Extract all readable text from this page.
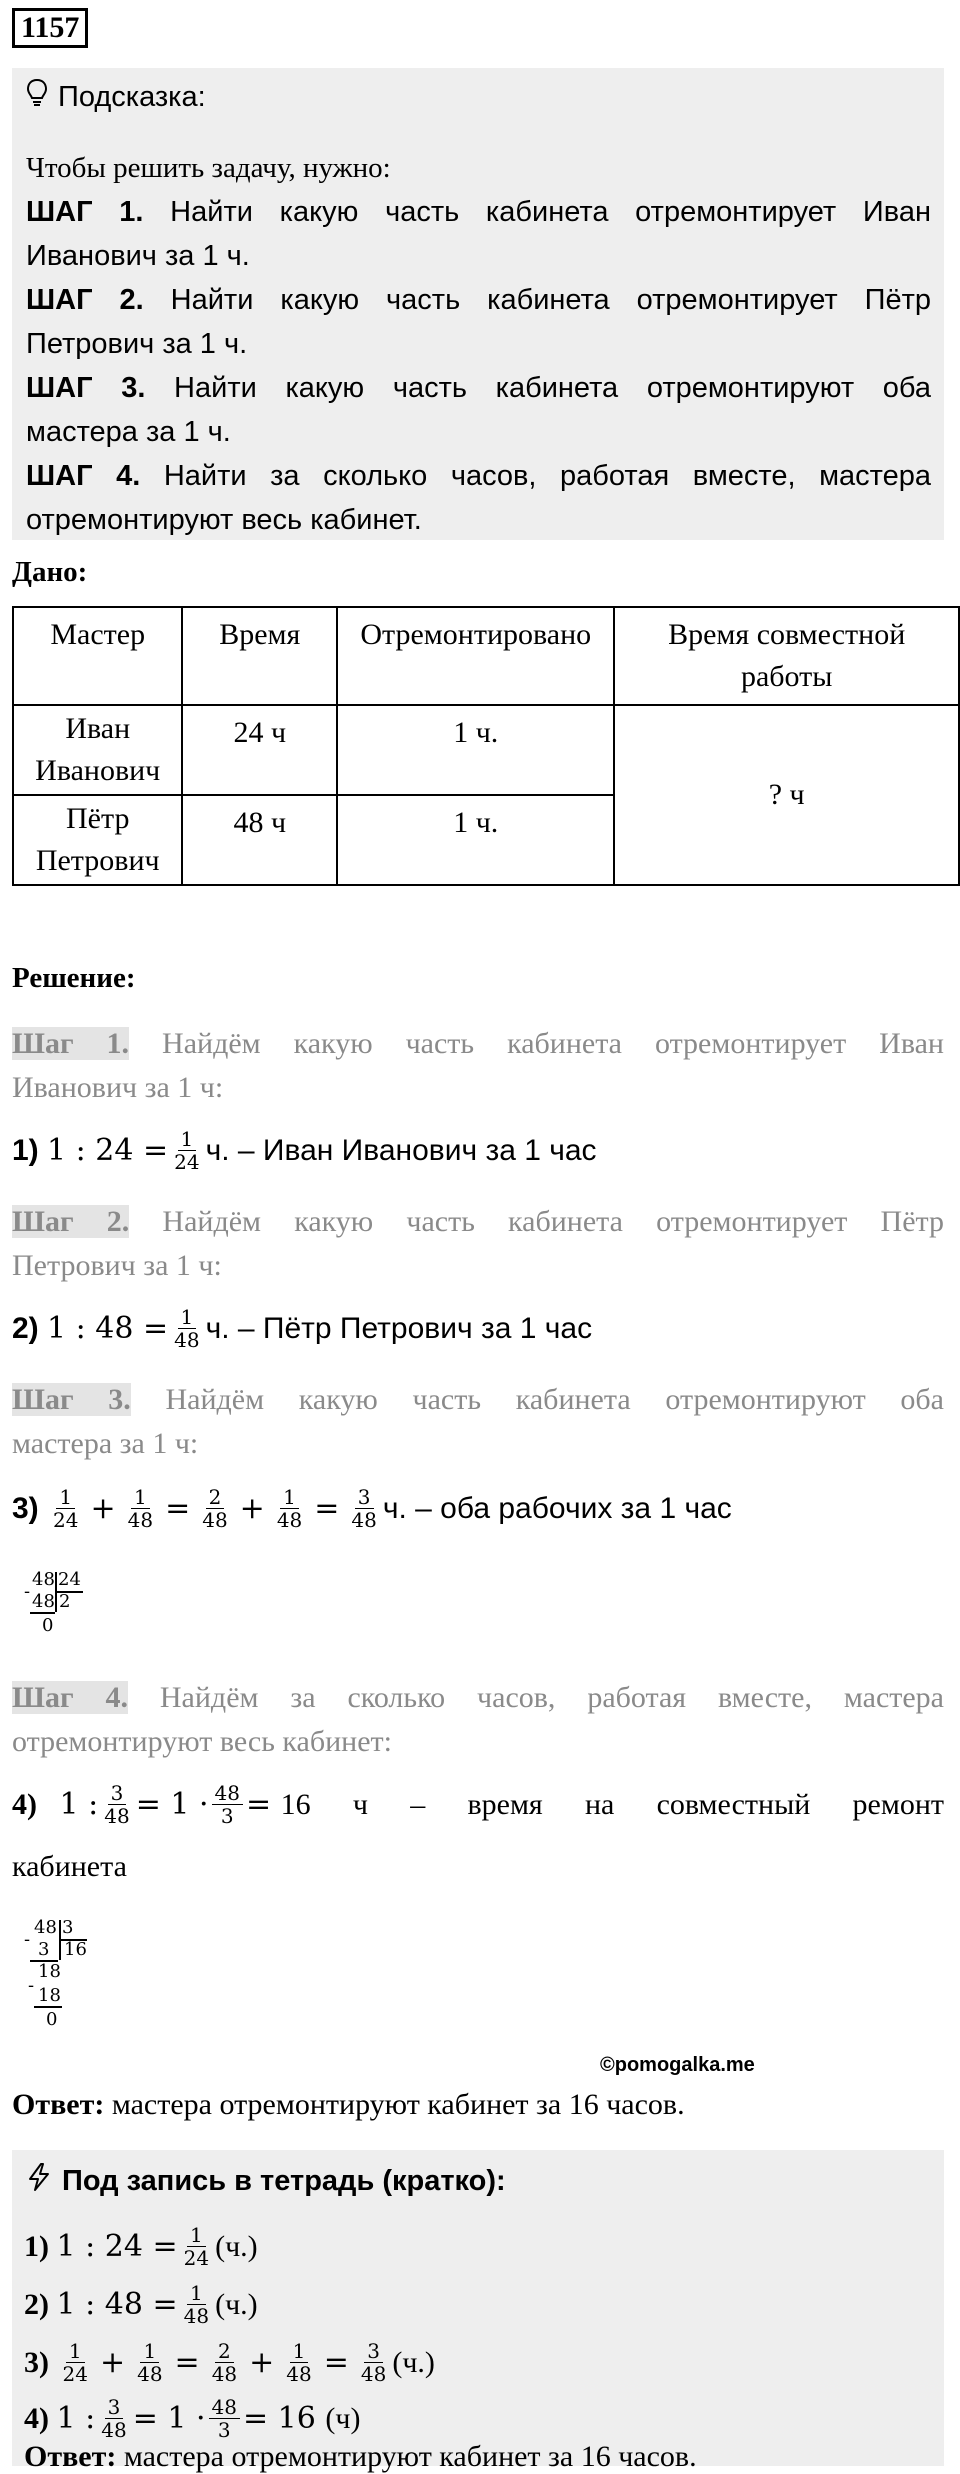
1157
Подсказка:
Чтобы решить задачу, нужно:
ШАГ 1. Найти какую часть кабинета отремонтирует Иван
Иванович за 1 ч.
ШАГ 2. Найти какую часть кабинета отремонтирует Пётр
Петрович за 1 ч.
ШАГ 3. Найти какую часть кабинета отремонтируют оба
мастера за 1 ч.
ШАГ 4. Найти за сколько часов, работая вместе, мастера
отремонтируют весь кабинет.
Дано:
Мастер	Время	Отремонтировано	Время совместной работы
Иван Иванович	24 ч	1 ч.	? ч
Пётр Петрович	48 ч	1 ч.	
Решение:
Шаг 1. Найдём какую часть кабинета отремонтирует Иван
Иванович за 1 ч:
1)
1 : $24 = \frac{1}{24} ч$. – Иван Иванович за 1 час
Шаг 2. Найдём какую часть кабинета отремонтирует Пётр
Петрович за 1 ч:
2)
1 : $48 = \frac{1}{48} ч$. – Пётр Петрович за 1 час
Шаг 3. Найдём какую часть кабинета отремонтируют оба
мастера за 1 ч:
3)
$\frac{1}{24} + \frac{1}{48} = \frac{2}{48} + \frac{1}{48} = \frac{3}{48} ч$. – оба рабочих за 1 час
48
-
24
48 2
0
Шаг 4. Найдём за сколько часов, работая вместе, мастера
отремонтируют весь кабинет:
4)
1 : $\frac{3}{48} = 1 \cdot \frac{48}{3} = 16$ ч – время на совместный ремонт
кабинета
48
-
3
3 16
18
- 18
0
©pomogalka.me
Ответ: мастера отремонтируют кабинет за 16 часов.
Под запись в тетрадь (кратко):
1)
1 : $24 = \frac{1}{24} (ч.)$
2)
1 : $48 = \frac{1}{48} (ч.)$
3)
$\frac{1}{24} + \frac{1}{48} = \frac{2}{48} + \frac{1}{48} = \frac{3}{48} (ч.)$
4)
1 : $\frac{3}{48} = 1 \cdot \frac{48}{3} = 16$ (ч)
Ответ:
мастера отремонтируют кабинет за 16 часов.
